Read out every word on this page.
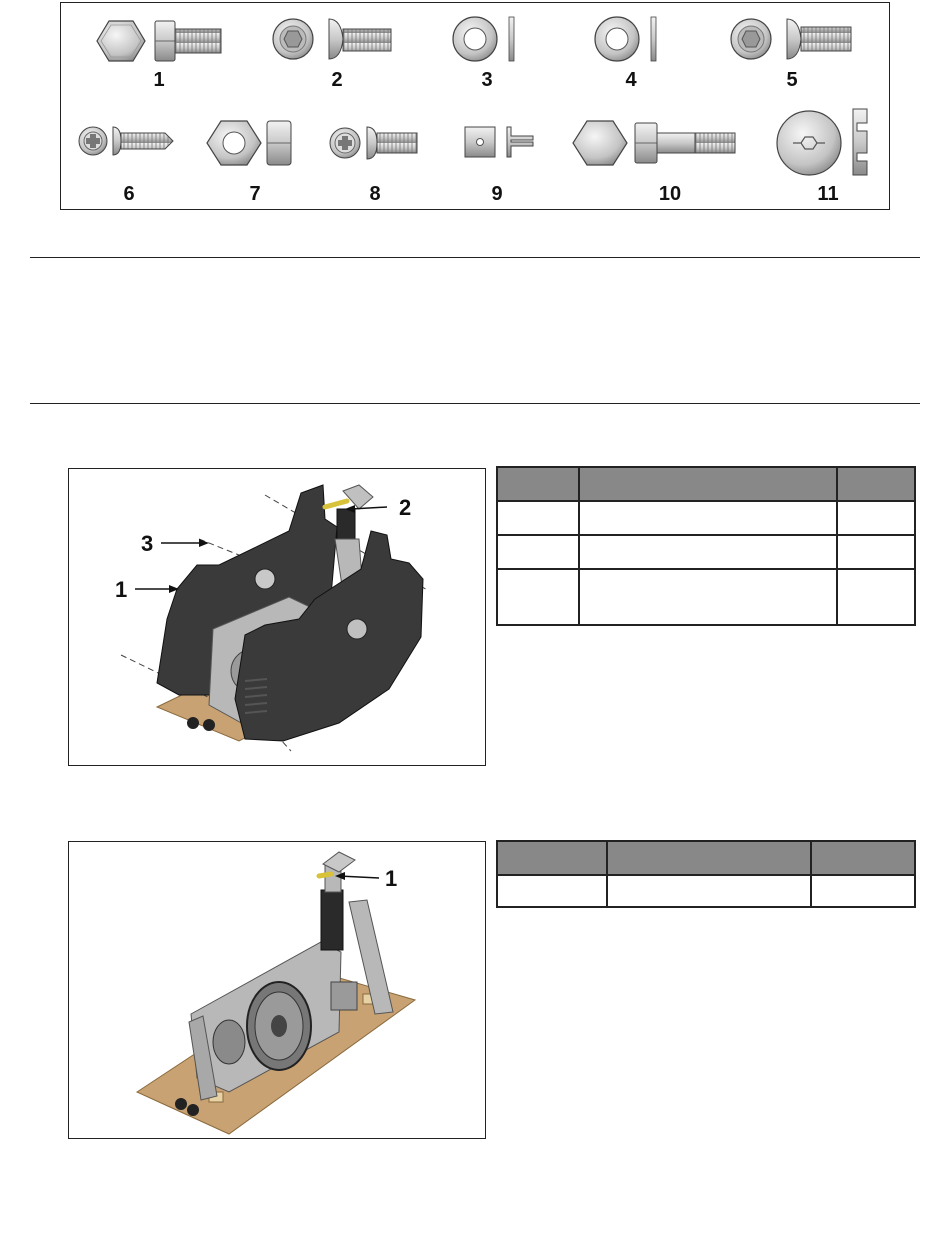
1	2	3	4	5
6	7	8	9	10	11
2
3
1

1
